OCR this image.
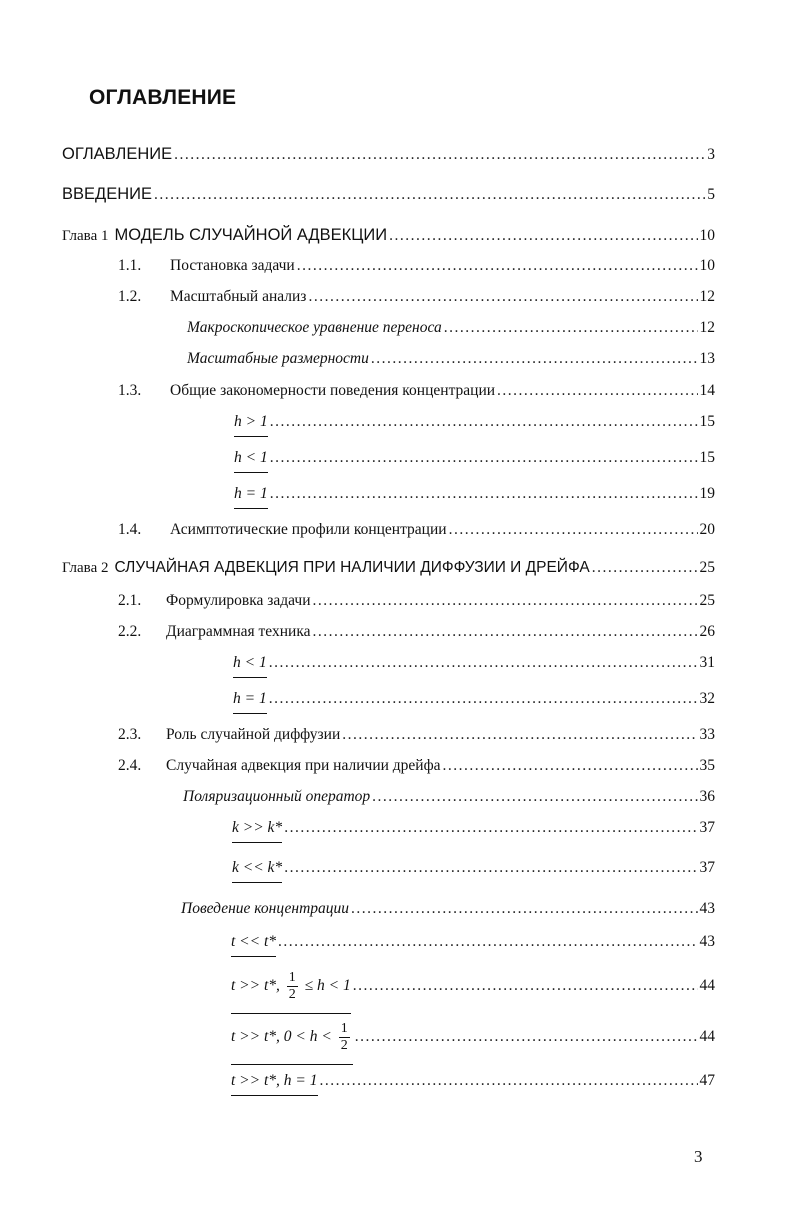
ОГЛАВЛЕНИЕ
ОГЛАВЛЕНИЕ .....	3
ВВЕДЕНИЕ .....	5
Глава 1 МОДЕЛЬ СЛУЧАЙНОЙ АДВЕКЦИИ .....	10
1.1. Постановка задачи .....	10
1.2. Масштабный анализ .....	12
Макроскопическое уравнение переноса .....	12
Масштабные размерности .....	13
1.3. Общие закономерности поведения концентрации .....	14
h > 1 .....	15
h < 1 .....	15
h = 1 .....	19
1.4. Асимптотические профили концентрации .....	20
Глава 2 СЛУЧАЙНАЯ АДВЕКЦИЯ ПРИ НАЛИЧИИ ДИФФУЗИИ И ДРЕЙФА .....	25
2.1. Формулировка задачи .....	25
2.2. Диаграммная техника .....	26
h < 1 .....	31
h = 1 .....	32
2.3. Роль случайной диффузии .....	33
2.4. Случайная адвекция при наличии дрейфа .....	35
Поляризационный оператор .....	36
k >> k* .....	37
k << k* .....	37
Поведение концентрации .....	43
t << t* .....	43
t >> t*, $\frac{1}{2} \le h < 1$ .....	44
t >> t*, $0 < h < \frac{1}{2}$ .....	44
t >> t*, h = 1 .....	47
3
